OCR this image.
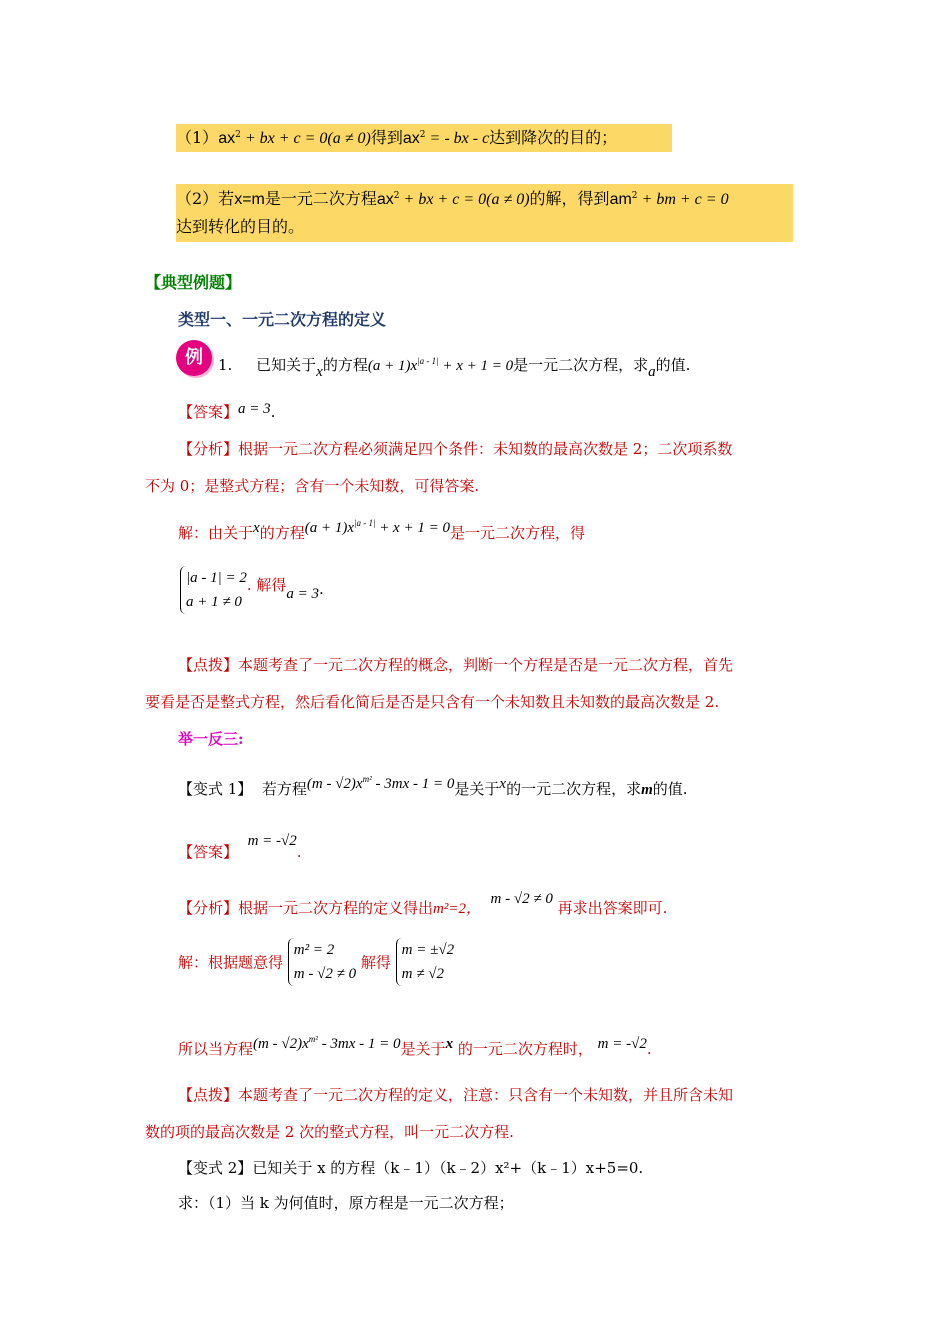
$(1)ax^2$ + bx + c = 0(a ≠ 0)得到$ax^2$ = - bx - c达到降次的目的；
（2）若x=m是一元二次方程$ax^2$ + bx + c = 0(a ≠ 0)的解，得到$am^2$ + bm + c = 0
达到转化的目的。
【典型例题】
类型一、一元二次方程的定义
例	1. 已知关于x的方程$(a + 1)x^{|a - 1|} + x + 1 = 0$是一元二次方程，求a的值.
【答案】a = 3.
【分析】根据一元二次方程必须满足四个条件：未知数的最高次数是 2；二次项系数
不为 0；是整式方程；含有一个未知数，可得答案.
解：由关于x的方程$(a + 1)x^{|a - 1|} + x + 1 = 0$是一元二次方程，得
|a - 1| = 2
a + 1 ≠ 0
. 解得a = 3.
【点拨】本题考查了一元二次方程的概念，判断一个方程是否是一元二次方程，首先
要看是否是整式方程，然后看化简后是否是只含有一个未知数且未知数的最高次数是 2.
举一反三:
【变式 1】 若方程$(m - √2)x^{m^2} - 3mx - 1 = 0$是关于x的一元二次方程，求m的值.
【答案】  m = -√2.
【分析】根据一元二次方程的定义得出m²=2，  m - √2 ≠ 0 再求出答案即可.
解：根据题意得
m² = 2
m - √2 ≠ 0
解得
m = ±√2
m ≠ √2
所以当方程$(m - √2)x^{m^2} - 3mx - 1 = 0$是关于x 的一元二次方程时， m = -√2.
【点拨】本题考查了一元二次方程的定义，注意：只含有一个未知数，并且所含未知
数的项的最高次数是 2 次的整式方程，叫一元二次方程.
【变式 2】已知关于 x 的方程（k﹣1）（k﹣2）x²+（k﹣1）x+5=0.
求：（1）当 k 为何值时，原方程是一元二次方程；
